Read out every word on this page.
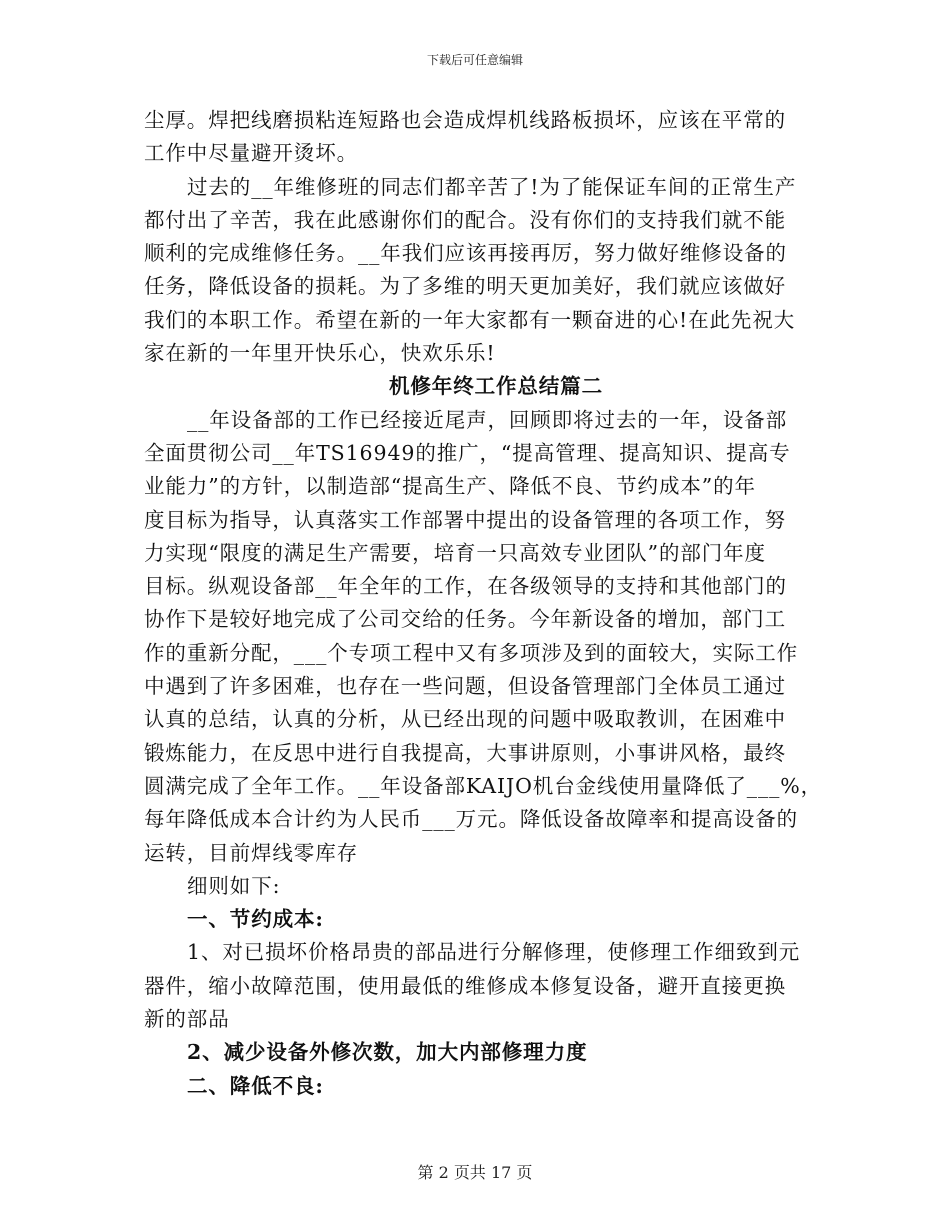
下载后可任意编辑
尘厚。焊把线磨损粘连短路也会造成焊机线路板损坏，应该在平常的
工作中尽量避开烫坏。
过去的__年维修班的同志们都辛苦了!为了能保证车间的正常生产
都付出了辛苦，我在此感谢你们的配合。没有你们的支持我们就不能
顺利的完成维修任务。__年我们应该再接再厉，努力做好维修设备的
任务，降低设备的损耗。为了多维的明天更加美好，我们就应该做好
我们的本职工作。希望在新的一年大家都有一颗奋进的心!在此先祝大
家在新的一年里开快乐心，快欢乐乐!
机修年终工作总结篇二
__年设备部的工作已经接近尾声，回顾即将过去的一年，设备部
全面贯彻公司__年TS16949的推广，“提高管理、提高知识、提高专
业能力”的方针，以制造部“提高生产、降低不良、节约成本”的年
度目标为指导，认真落实工作部署中提出的设备管理的各项工作，努
力实现“限度的满足生产需要，培育一只高效专业团队”的部门年度
目标。纵观设备部__年全年的工作，在各级领导的支持和其他部门的
协作下是较好地完成了公司交给的任务。今年新设备的增加，部门工
作的重新分配，___个专项工程中又有多项涉及到的面较大，实际工作
中遇到了许多困难，也存在一些问题，但设备管理部门全体员工通过
认真的总结，认真的分析，从已经出现的问题中吸取教训，在困难中
锻炼能力，在反思中进行自我提高，大事讲原则，小事讲风格，最终
圆满完成了全年工作。__年设备部KAIJO机台金线使用量降低了___%，
每年降低成本合计约为人民币___万元。降低设备故障率和提高设备的
运转，目前焊线零库存
细则如下:
一、节约成本:
1、对已损坏价格昂贵的部品进行分解修理，使修理工作细致到元
器件，缩小故障范围，使用最低的维修成本修复设备，避开直接更换
新的部品
2、减少设备外修次数，加大内部修理力度
二、降低不良:
第 2 页共 17 页
